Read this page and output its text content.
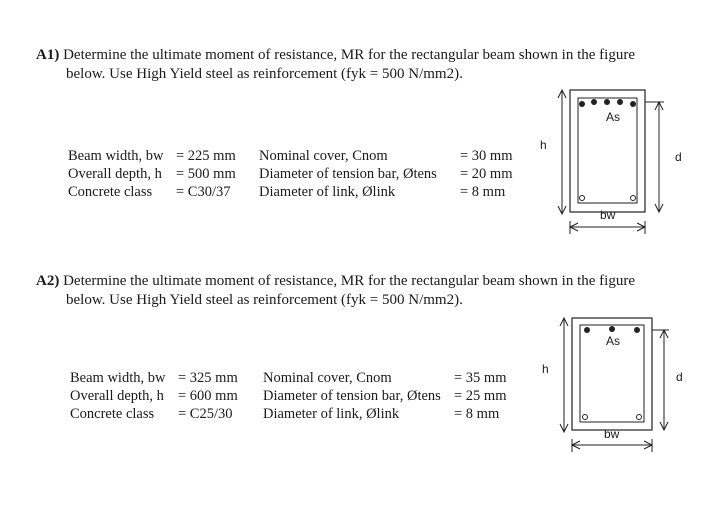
A1) Determine the ultimate moment of resistance, MR for the rectangular beam shown in the figure
below. Use High Yield steel as reinforcement (fyk = 500 N/mm2).
Beam width, bw = 225 mm Nominal cover, Cnom	= 30 mm
Overall depth, h = 500 mm Diameter of tension bar, Øtens = 20 mm
Concrete class = C30/37 Diameter of link, Ølink	= 8 mm
As
h
d
bw
A2) Determine the ultimate moment of resistance, MR for the rectangular beam shown in the figure
below. Use High Yield steel as reinforcement (fyk = 500 N/mm2).
Beam width, bw = 325 mm Nominal cover, Cnom	= 35 mm
Overall depth, h = 600 mm Diameter of tension bar, Øtens = 25 mm
Concrete class = C25/30 Diameter of link, Ølink	= 8 mm
As
h
d
bw
